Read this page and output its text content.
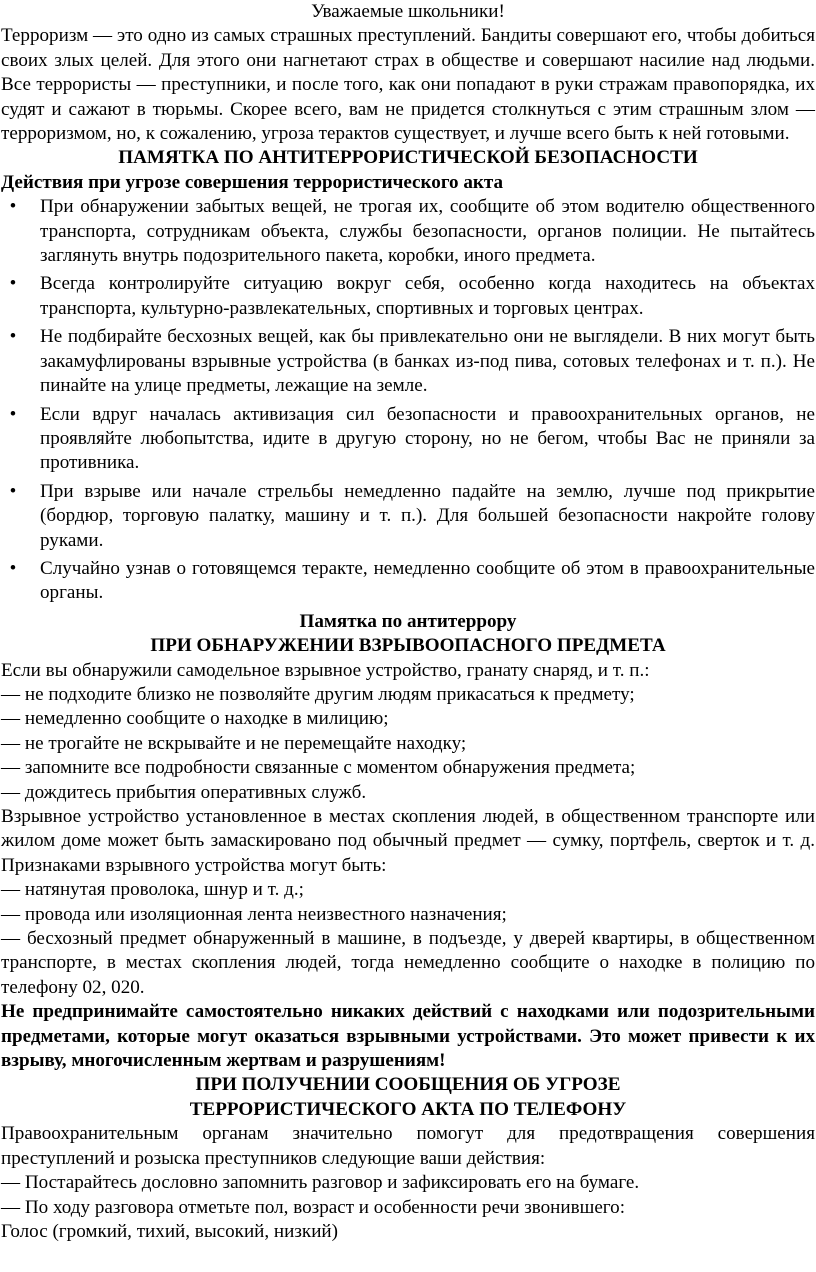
Уважаемые школьники!

Терроризм — это одно из самых страшных преступлений. Бандиты совершают его, чтобы добиться своих злых целей. Для этого они нагнетают страх в обществе и совершают насилие над людьми. Все террористы — преступники, и после того, как они попадают в руки стражам правопорядка, их судят и сажают в тюрьмы. Скорее всего, вам не придется столкнуться с этим страшным злом — терроризмом, но, к сожалению, угроза терактов существует, и лучше всего быть к ней готовыми.

ПАМЯТКА ПО АНТИТЕРРОРИСТИЧЕСКОЙ БЕЗОПАСНОСТИ

Действия при угрозе совершения террористического акта

• При обнаружении забытых вещей, не трогая их, сообщите об этом водителю общественного транспорта, сотрудникам объекта, службы безопасности, органов полиции. Не пытайтесь заглянуть внутрь подозрительного пакета, коробки, иного предмета.
• Всегда контролируйте ситуацию вокруг себя, особенно когда находитесь на объектах транспорта, культурно-развлекательных, спортивных и торговых центрах.
• Не подбирайте бесхозных вещей, как бы привлекательно они не выглядели. В них могут быть закамуфлированы взрывные устройства (в банках из-под пива, сотовых телефонах и т. п.). Не пинайте на улице предметы, лежащие на земле.
• Если вдруг началась активизация сил безопасности и правоохранительных органов, не проявляйте любопытства, идите в другую сторону, но не бегом, чтобы Вас не приняли за противника.
• При взрыве или начале стрельбы немедленно падайте на землю, лучше под прикрытие (бордюр, торговую палатку, машину и т. п.). Для большей безопасности накройте голову руками.
• Случайно узнав о готовящемся теракте, немедленно сообщите об этом в правоохранительные органы.

Памятка по антитеррору

ПРИ ОБНАРУЖЕНИИ ВЗРЫВООПАСНОГО ПРЕДМЕТА

Если вы обнаружили самодельное взрывное устройство, гранату снаряд, и т. п.:

— не подходите близко не позволяйте другим людям прикасаться к предмету;

— немедленно сообщите о находке в милицию;

— не трогайте не вскрывайте и не перемещайте находку;

— запомните все подробности связанные с моментом обнаружения предмета;

— дождитесь прибытия оперативных служб.

Взрывное устройство установленное в местах скопления людей, в общественном транспорте или жилом доме может быть замаскировано под обычный предмет — сумку, портфель, сверток и т. д. Признаками взрывного устройства могут быть:

— натянутая проволока, шнур и т. д.;

— провода или изоляционная лента неизвестного назначения;

— бесхозный предмет обнаруженный в машине, в подъезде, у дверей квартиры, в общественном транспорте, в местах скопления людей, тогда немедленно сообщите о находке в полицию по телефону 02, 020.

Не предпринимайте самостоятельно никаких действий с находками или подозрительными предметами, которые могут оказаться взрывными устройствами. Это может привести к их взрыву, многочисленным жертвам и разрушениям!

ПРИ ПОЛУЧЕНИИ СООБЩЕНИЯ ОБ УГРОЗЕ

ТЕРРОРИСТИЧЕСКОГО АКТА ПО ТЕЛЕФОНУ

Правоохранительным органам значительно помогут для предотвращения совершения преступлений и розыска преступников следующие ваши действия:

— Постарайтесь дословно запомнить разговор и зафиксировать его на бумаге.

— По ходу разговора отметьте пол, возраст и особенности речи звонившего:

Голос (громкий, тихий, высокий, низкий)
